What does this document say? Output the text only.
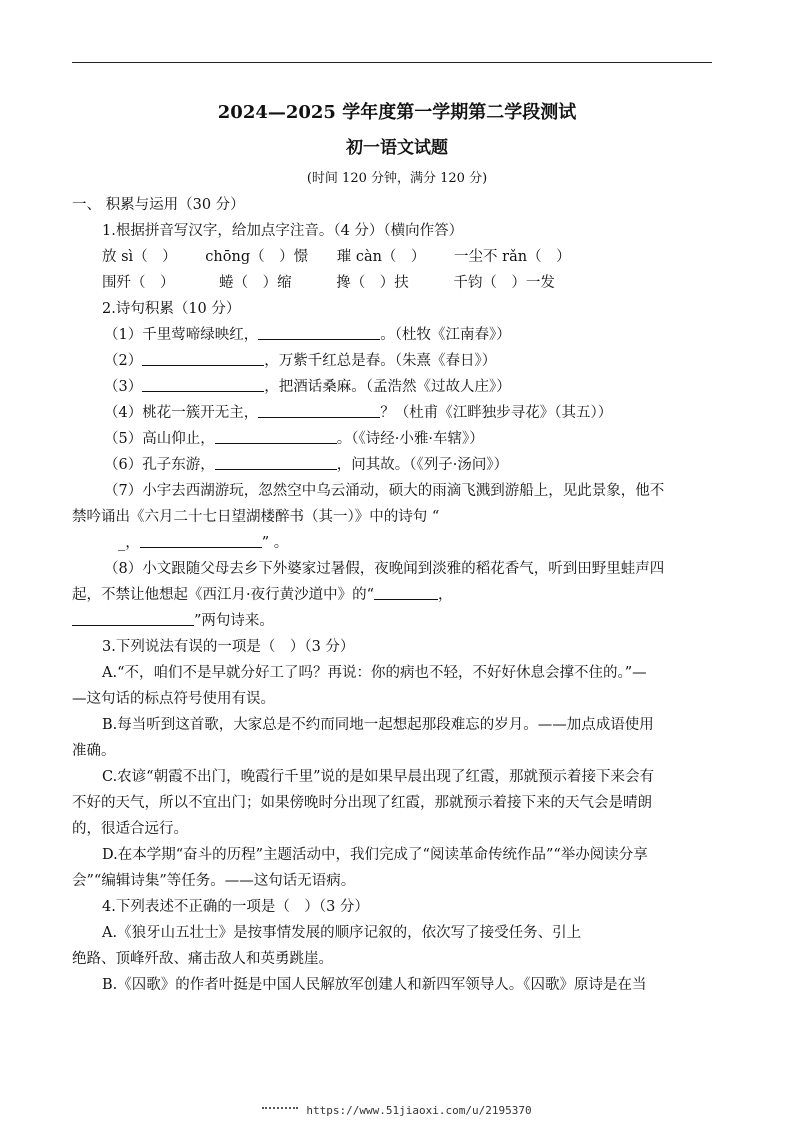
2024—2025 学年度第一学期第二学段测试
初一语文试题
(时间 120 分钟，满分 120 分)
一、 积累与运用（30 分）
1.根据拼音写汉字，给加点字注音。（4 分）（横向作答）
放 sì（　） chōng（　）憬 璀 càn（　） 一尘不 rǎn（　）
围歼（　）	蜷（　）缩	搀（　）扶	千钧（　）一发
2.诗句积累（10 分）
（1）千里莺啼绿映红，	。（杜牧《江南春》）
（2）	，万紫千红总是春。（朱熹《春日》）
（3）	，把酒话桑麻。（孟浩然《过故人庄》）
（4）桃花一簇开无主，	？（杜甫《江畔独步寻花》（其五））
（5）高山仰止，	。（《诗经·小雅·车辖》）
（6）孔子东游，	，问其故。（《列子·汤问》）
（7）小宇去西湖游玩，忽然空中乌云涌动，硕大的雨滴飞溅到游船上，见此景象，他不
禁吟诵出《六月二十七日望湖楼醉书（其一）》中的诗句 “
_，	” 。
（8）小文跟随父母去乡下外婆家过暑假，夜晚闻到淡雅的稻花香气，听到田野里蛙声四
起，不禁让他想起《西江月·夜行黄沙道中》的“	，
”两句诗来。
3.下列说法有误的一项是（　）（3 分）
A.“不，咱们不是早就分好工了吗？再说：你的病也不轻，不好好休息会撑不住的。”—
—这句话的标点符号使用有误。
B.每当听到这首歌，大家总是不约而同地一起想起那段难忘的岁月。——加点成语使用
准确。
C.农谚“朝霞不出门，晚霞行千里”说的是如果早晨出现了红霞，那就预示着接下来会有
不好的天气，所以不宜出门；如果傍晚时分出现了红霞，那就预示着接下来的天气会是晴朗
的，很适合远行。
D.在本学期“奋斗的历程”主题活动中，我们完成了“阅读革命传统作品”“举办阅读分享
会”“编辑诗集”等任务。——这句话无语病。
4.下列表述不正确的一项是（　）（3 分）
A.《狼牙山五壮士》是按事情发展的顺序记叙的，依次写了接受任务、引上
绝路、顶峰歼敌、痛击敌人和英勇跳崖。
B.《囚歌》的作者叶挺是中国人民解放军创建人和新四军领导人。《囚歌》原诗是在当
https://www.51jiaoxi.com/u/2195370
